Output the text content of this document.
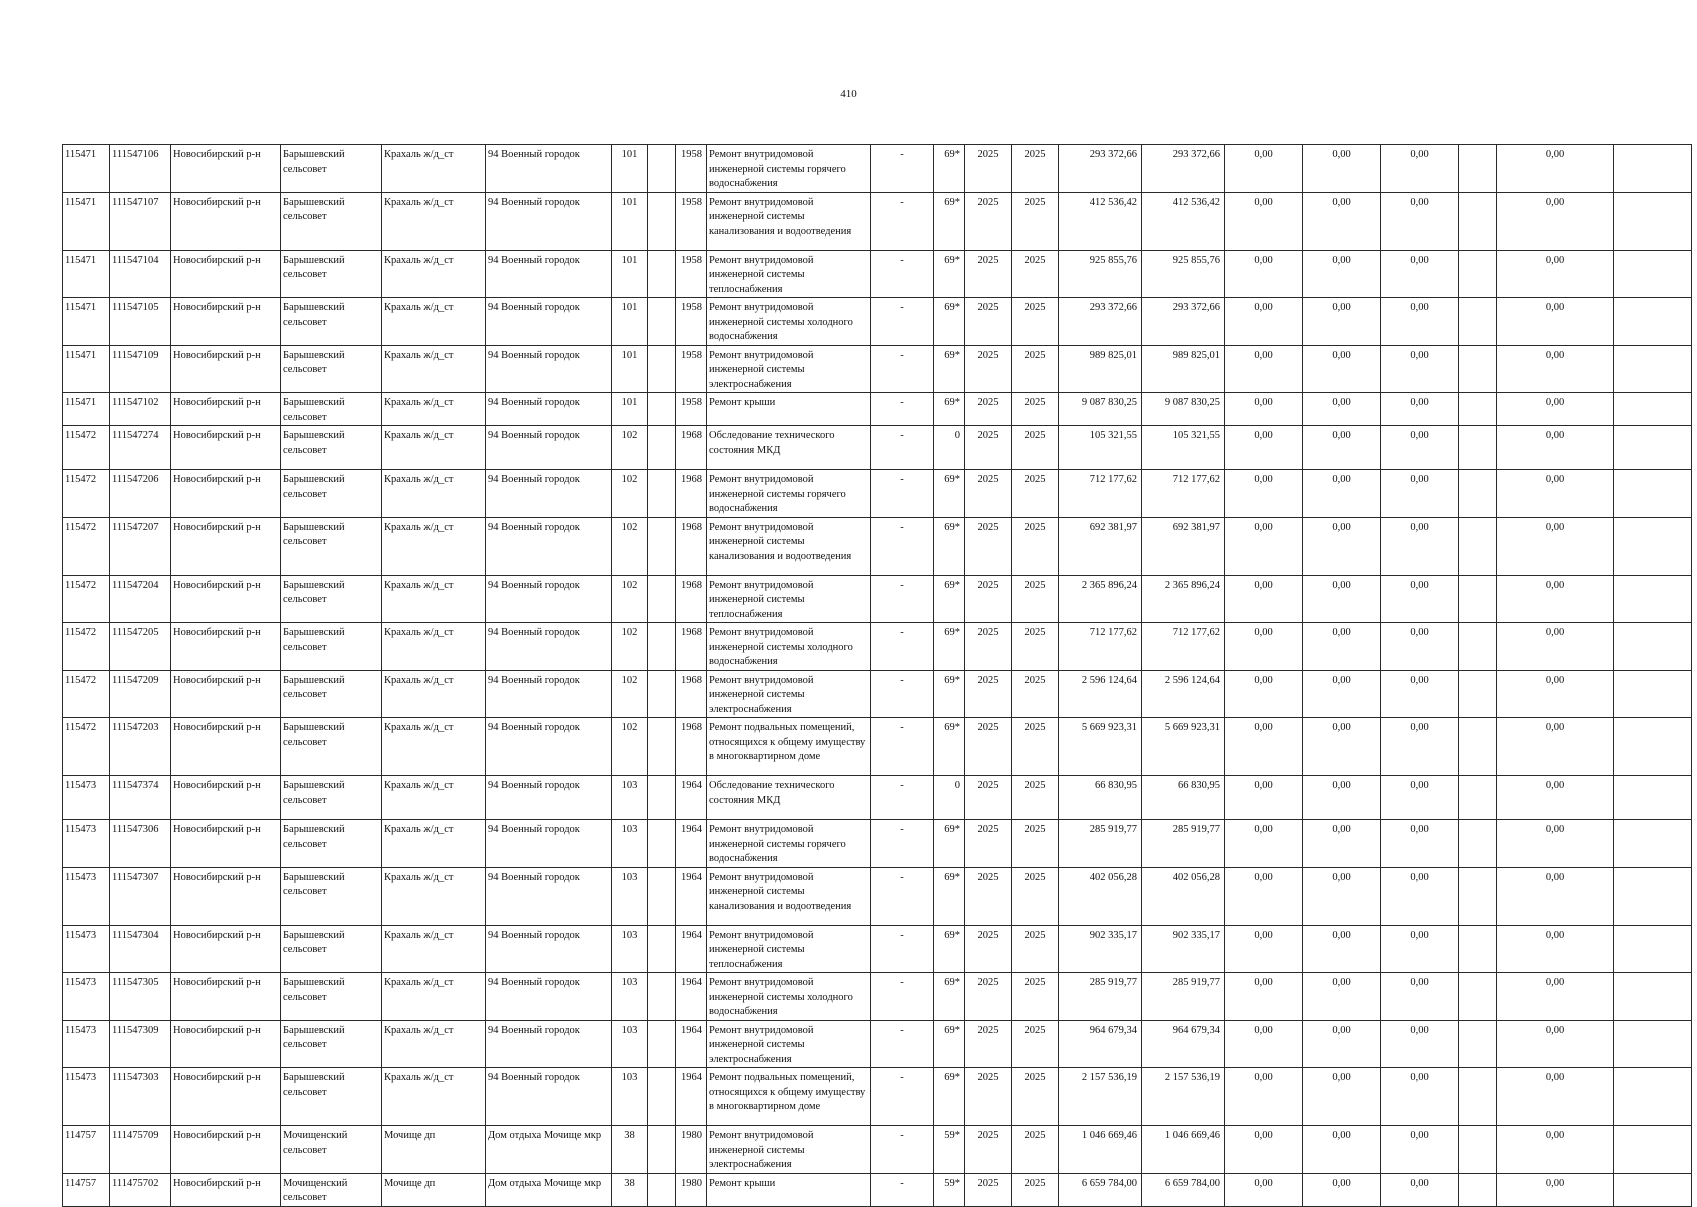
410
115471	111547106	Новосибирский р-н	Барышевский сельсовет	Крахаль ж/д_ст	94 Военный городок	101		1958	Ремонт внутридомовой инженерной системы горячего водоснабжения	-	69*	2025	2025	293 372,66	293 372,66	0,00	0,00	0,00		0,00	
115471	111547107	Новосибирский р-н	Барышевский сельсовет	Крахаль ж/д_ст	94 Военный городок	101		1958	Ремонт внутридомовой инженерной системы канализования и водоотведения	-	69*	2025	2025	412 536,42	412 536,42	0,00	0,00	0,00		0,00	
115471	111547104	Новосибирский р-н	Барышевский сельсовет	Крахаль ж/д_ст	94 Военный городок	101		1958	Ремонт внутридомовой инженерной системы теплоснабжения	-	69*	2025	2025	925 855,76	925 855,76	0,00	0,00	0,00		0,00	
115471	111547105	Новосибирский р-н	Барышевский сельсовет	Крахаль ж/д_ст	94 Военный городок	101		1958	Ремонт внутридомовой инженерной системы холодного водоснабжения	-	69*	2025	2025	293 372,66	293 372,66	0,00	0,00	0,00		0,00	
115471	111547109	Новосибирский р-н	Барышевский сельсовет	Крахаль ж/д_ст	94 Военный городок	101		1958	Ремонт внутридомовой инженерной системы электроснабжения	-	69*	2025	2025	989 825,01	989 825,01	0,00	0,00	0,00		0,00	
115471	111547102	Новосибирский р-н	Барышевский сельсовет	Крахаль ж/д_ст	94 Военный городок	101		1958	Ремонт крыши	-	69*	2025	2025	9 087 830,25	9 087 830,25	0,00	0,00	0,00		0,00	
115472	111547274	Новосибирский р-н	Барышевский сельсовет	Крахаль ж/д_ст	94 Военный городок	102		1968	Обследование технического состояния МКД	-	0	2025	2025	105 321,55	105 321,55	0,00	0,00	0,00		0,00	
115472	111547206	Новосибирский р-н	Барышевский сельсовет	Крахаль ж/д_ст	94 Военный городок	102		1968	Ремонт внутридомовой инженерной системы горячего водоснабжения	-	69*	2025	2025	712 177,62	712 177,62	0,00	0,00	0,00		0,00	
115472	111547207	Новосибирский р-н	Барышевский сельсовет	Крахаль ж/д_ст	94 Военный городок	102		1968	Ремонт внутридомовой инженерной системы канализования и водоотведения	-	69*	2025	2025	692 381,97	692 381,97	0,00	0,00	0,00		0,00	
115472	111547204	Новосибирский р-н	Барышевский сельсовет	Крахаль ж/д_ст	94 Военный городок	102		1968	Ремонт внутридомовой инженерной системы теплоснабжения	-	69*	2025	2025	2 365 896,24	2 365 896,24	0,00	0,00	0,00		0,00	
115472	111547205	Новосибирский р-н	Барышевский сельсовет	Крахаль ж/д_ст	94 Военный городок	102		1968	Ремонт внутридомовой инженерной системы холодного водоснабжения	-	69*	2025	2025	712 177,62	712 177,62	0,00	0,00	0,00		0,00	
115472	111547209	Новосибирский р-н	Барышевский сельсовет	Крахаль ж/д_ст	94 Военный городок	102		1968	Ремонт внутридомовой инженерной системы электроснабжения	-	69*	2025	2025	2 596 124,64	2 596 124,64	0,00	0,00	0,00		0,00	
115472	111547203	Новосибирский р-н	Барышевский сельсовет	Крахаль ж/д_ст	94 Военный городок	102		1968	Ремонт подвальных помещений, относящихся к общему имуществу в многоквартирном доме	-	69*	2025	2025	5 669 923,31	5 669 923,31	0,00	0,00	0,00		0,00	
115473	111547374	Новосибирский р-н	Барышевский сельсовет	Крахаль ж/д_ст	94 Военный городок	103		1964	Обследование технического состояния МКД	-	0	2025	2025	66 830,95	66 830,95	0,00	0,00	0,00		0,00	
115473	111547306	Новосибирский р-н	Барышевский сельсовет	Крахаль ж/д_ст	94 Военный городок	103		1964	Ремонт внутридомовой инженерной системы горячего водоснабжения	-	69*	2025	2025	285 919,77	285 919,77	0,00	0,00	0,00		0,00	
115473	111547307	Новосибирский р-н	Барышевский сельсовет	Крахаль ж/д_ст	94 Военный городок	103		1964	Ремонт внутридомовой инженерной системы канализования и водоотведения	-	69*	2025	2025	402 056,28	402 056,28	0,00	0,00	0,00		0,00	
115473	111547304	Новосибирский р-н	Барышевский сельсовет	Крахаль ж/д_ст	94 Военный городок	103		1964	Ремонт внутридомовой инженерной системы теплоснабжения	-	69*	2025	2025	902 335,17	902 335,17	0,00	0,00	0,00		0,00	
115473	111547305	Новосибирский р-н	Барышевский сельсовет	Крахаль ж/д_ст	94 Военный городок	103		1964	Ремонт внутридомовой инженерной системы холодного водоснабжения	-	69*	2025	2025	285 919,77	285 919,77	0,00	0,00	0,00		0,00	
115473	111547309	Новосибирский р-н	Барышевский сельсовет	Крахаль ж/д_ст	94 Военный городок	103		1964	Ремонт внутридомовой инженерной системы электроснабжения	-	69*	2025	2025	964 679,34	964 679,34	0,00	0,00	0,00		0,00	
115473	111547303	Новосибирский р-н	Барышевский сельсовет	Крахаль ж/д_ст	94 Военный городок	103		1964	Ремонт подвальных помещений, относящихся к общему имуществу в многоквартирном доме	-	69*	2025	2025	2 157 536,19	2 157 536,19	0,00	0,00	0,00		0,00	
114757	111475709	Новосибирский р-н	Мочищенский сельсовет	Мочище дп	Дом отдыха Мочище мкр	38		1980	Ремонт внутридомовой инженерной системы электроснабжения	-	59*	2025	2025	1 046 669,46	1 046 669,46	0,00	0,00	0,00		0,00	
114757	111475702	Новосибирский р-н	Мочищенский сельсовет	Мочище дп	Дом отдыха Мочище мкр	38		1980	Ремонт крыши	-	59*	2025	2025	6 659 784,00	6 659 784,00	0,00	0,00	0,00		0,00	
